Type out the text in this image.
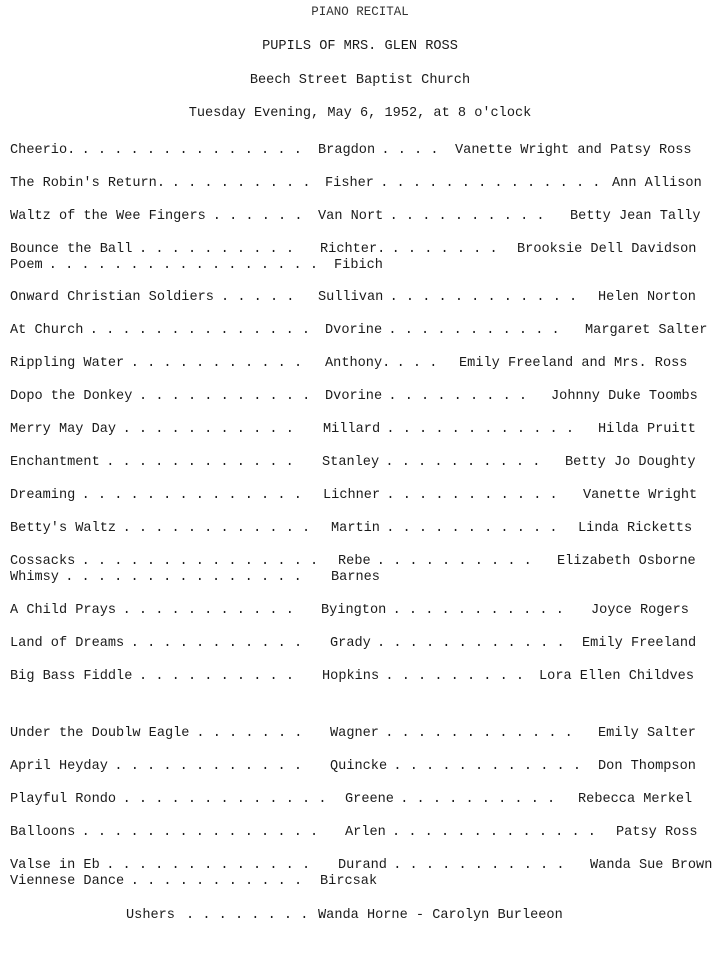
PIANO RECITAL
PUPILS OF MRS. GLEN ROSS
Beech Street Baptist Church
Tuesday Evening, May 6, 1952, at 8 o'clock
Cheerio. . . . . . . . . . . . . . . Bragdon . . . . Vanette Wright and Patsy Ross
The Robin's Return. . . . . . . . . . Fisher . . . . . . . . . . . . . . Ann Allison
Waltz of the Wee Fingers . . . . . . Van Nort . . . . . . . . . . Betty Jean Tally
Bounce the Ball . . . . . . . . . . Richter. . . . . . . . Brooksie Dell Davidson
Poem . . . . . . . . . . . . . . . . . Fibich
Onward Christian Soldiers . . . . . Sullivan . . . . . . . . . . . . Helen Norton
At Church . . . . . . . . . . . . . . Dvorine . . . . . . . . . . . Margaret Salter
Rippling Water . . . . . . . . . . . Anthony. . . . Emily Freeland and Mrs. Ross
Dopo the Donkey . . . . . . . . . . . Dvorine . . . . . . . . . Johnny Duke Toombs
Merry May Day . . . . . . . . . . . Millard . . . . . . . . . . . . Hilda Pruitt
Enchantment . . . . . . . . . . . . Stanley . . . . . . . . . . Betty Jo Doughty
Dreaming . . . . . . . . . . . . . . Lichner . . . . . . . . . . . Vanette Wright
Betty's Waltz . . . . . . . . . . . . Martin . . . . . . . . . . . Linda Ricketts
Cossacks . . . . . . . . . . . . . . . Rebe . . . . . . . . . . Elizabeth Osborne
Whimsy . . . . . . . . . . . . . . . Barnes
A Child Prays . . . . . . . . . . . Byington . . . . . . . . . . . Joyce Rogers
Land of Dreams . . . . . . . . . . . Grady . . . . . . . . . . . . Emily Freeland
Big Bass Fiddle . . . . . . . . . . Hopkins . . . . . . . . . Lora Ellen Childves
Under the Doublw Eagle . . . . . . . Wagner . . . . . . . . . . . . Emily Salter
April Heyday . . . . . . . . . . . . Quincke . . . . . . . . . . . . Don Thompson
Playful Rondo . . . . . . . . . . . . . Greene . . . . . . . . . . Rebecca Merkel
Balloons . . . . . . . . . . . . . . . Arlen . . . . . . . . . . . . . Patsy Ross
Valse in Eb . . . . . . . . . . . . . Durand . . . . . . . . . . . Wanda Sue Brown
Viennese Dance . . . . . . . . . . . Bircsak

Ushers

. . . . . . . . .

Wanda Horne - Carolyn Burleeon
